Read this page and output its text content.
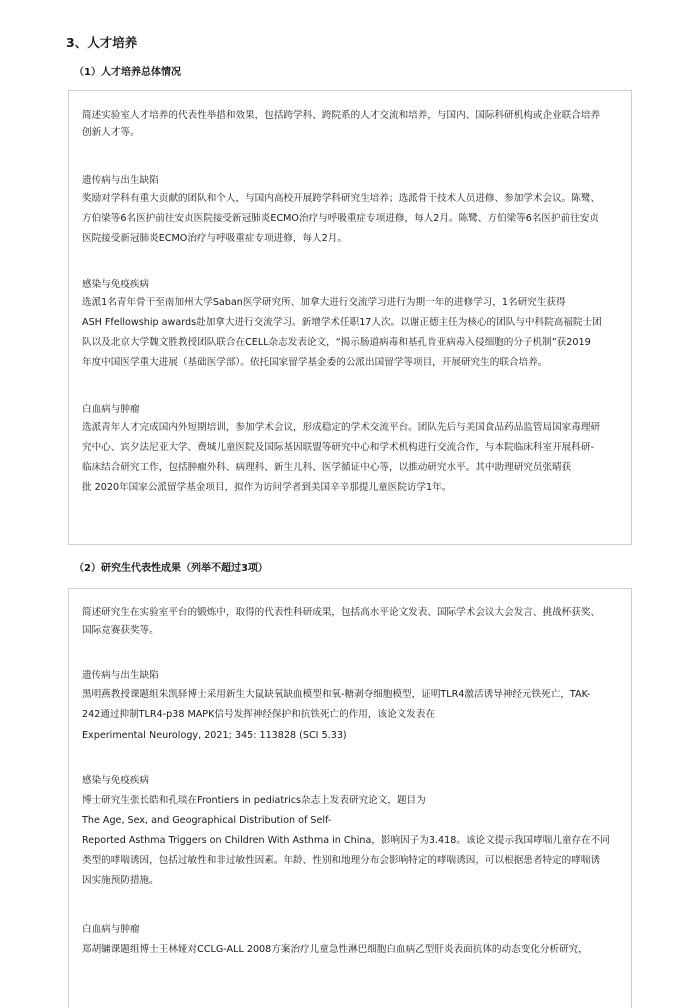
3、人才培养
（1）人才培养总体情况
简述实验室人才培养的代表性举措和效果，包括跨学科、跨院系的人才交流和培养，与国内、国际科研机构或企业联合培养
创新人才等。
遗传病与出生缺陷
奖励对学科有重大贡献的团队和个人，与国内高校开展跨学科研究生培养；选派骨干技术人员进修、参加学术会议。陈鹭、
方伯梁等6名医护前往安贞医院接受新冠肺炎ECMO治疗与呼吸重症专项进修，每人2月。陈鹭、方伯梁等6名医护前往安贞
医院接受新冠肺炎ECMO治疗与呼吸重症专项进修，每人2月。
感染与免疫疾病
选派1名青年骨干至南加州大学Saban医学研究所、加拿大进行交流学习进行为期一年的进修学习，1名研究生获得
ASH Ffellowship awards赴加拿大进行交流学习。新增学术任职17人次。以谢正德主任为核心的团队与中科院高福院士团
队以及北京大学魏文胜教授团队联合在CELL杂志发表论文，“揭示肠道病毒和基孔肯亚病毒入侵细胞的分子机制”获2019
年度中国医学重大进展（基础医学部）。依托国家留学基金委的公派出国留学等项目，开展研究生的联合培养。
白血病与肿瘤
选派青年人才完成国内外短期培训，参加学术会议，形成稳定的学术交流平台。团队先后与美国食品药品监管局国家毒理研
究中心、宾夕法尼亚大学、费城儿童医院及国际基因联盟等研究中心和学术机构进行交流合作，与本院临床科室开展科研-
临床结合研究工作，包括肿瘤外科、病理科、新生儿科、医学循证中心等，以推动研究水平。其中助理研究员张晴获
批 2020年国家公派留学基金项目，拟作为访问学者到美国辛辛那提儿童医院访学1年。
（2）研究生代表性成果（列举不超过3项）
简述研究生在实验室平台的锻炼中，取得的代表性科研成果，包括高水平论文发表、国际学术会议大会发言、挑战杯获奖、
国际竞赛获奖等。
遗传病与出生缺陷
黑明燕教授课题组朱凯驿博士采用新生大鼠缺氧缺血模型和氧-糖剥夺细胞模型，证明TLR4激活诱导神经元铁死亡，TAK-
242通过抑制TLR4-p38 MAPK信号发挥神经保护和抗铁死亡的作用，该论文发表在
Experimental Neurology, 2021; 345: 113828 (SCI 5.33)
感染与免疫疾病
博士研究生张长皓和孔琰在Frontiers in pediatrics杂志上发表研究论文，题目为
The Age, Sex, and Geographical Distribution of Self-
Reported Asthma Triggers on Children With Asthma in China，影响因子为3.418。该论文提示我国哮喘儿童存在不同
类型的哮喘诱因，包括过敏性和非过敏性因素。年龄、性别和地理分布会影响特定的哮喘诱因，可以根据患者特定的哮喘诱
因实施预防措施。
白血病与肿瘤
郑胡镛课题组博士王林娅对CCLG-ALL 2008方案治疗儿童急性淋巴细胞白血病乙型肝炎表面抗体的动态变化分析研究，
